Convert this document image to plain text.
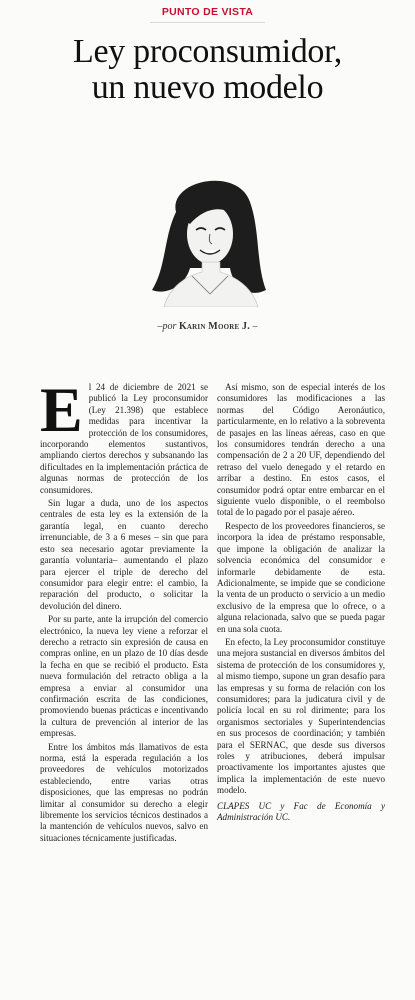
PUNTO DE VISTA
Ley proconsumidor,
un nuevo modelo
–por Karin Moore J. –

El 24 de diciembre de 2021 se publicó la Ley proconsumidor (Ley 21.398) que establece medidas para incentivar la protección de los consumidores, incorporando elementos sustantivos, ampliando ciertos derechos y subsanando las dificultades en la implementación práctica de algunas normas de protección de los consumidores.

Sin lugar a duda, uno de los aspectos centrales de esta ley es la extensión de la garantía legal, en cuanto derecho irrenunciable, de 3 a 6 meses – sin que para esto sea necesario agotar previamente la garantía voluntaria– aumentando el plazo para ejercer el triple de derecho del consumidor para elegir entre: el cambio, la reparación del producto, o solicitar la devolución del dinero.

Por su parte, ante la irrupción del comercio electrónico, la nueva ley viene a reforzar el derecho a retracto sin expresión de causa en compras online, en un plazo de 10 días desde la fecha en que se recibió el producto. Esta nueva formulación del retracto obliga a la empresa a enviar al consumidor una confirmación escrita de las condiciones, promoviendo buenas prácticas e incentivando la cultura de prevención al interior de las empresas.

Entre los ámbitos más llamativos de esta norma, está la esperada regulación a los proveedores de vehículos motorizados estableciendo, entre varias otras disposiciones, que las empresas no podrán limitar al consumidor su derecho a elegir libremente los servicios técnicos destinados a la mantención de vehículos nuevos, salvo en situaciones técnicamente justificadas.

Así mismo, son de especial interés de los consumidores las modificaciones a las normas del Código Aeronáutico, particularmente, en lo relativo a la sobreventa de pasajes en las líneas aéreas, caso en que los consumidores tendrán derecho a una compensación de 2 a 20 UF, dependiendo del retraso del vuelo denegado y el retardo en arribar a destino. En estos casos, el consumidor podrá optar entre embarcar en el siguiente vuelo disponible, o el reembolso total de lo pagado por el pasaje aéreo.

Respecto de los proveedores financieros, se incorpora la idea de préstamo responsable, que impone la obligación de analizar la solvencia económica del consumidor e informarle debidamente de esta. Adicionalmente, se impide que se condicione la venta de un producto o servicio a un medio exclusivo de la empresa que lo ofrece, o a alguna relacionada, salvo que se pueda pagar en una sola cuota.

En efecto, la Ley proconsumidor constituye una mejora sustancial en diversos ámbitos del sistema de protección de los consumidores y, al mismo tiempo, supone un gran desafío para las empresas y su forma de relación con los consumidores; para la judicatura civil y de policía local en su rol dirimente; para los organismos sectoriales y Superintendencias en sus procesos de coordinación; y también para el SERNAC, que desde sus diversos roles y atribuciones, deberá impulsar proactivamente los importantes ajustes que implica la implementación de este nuevo modelo.

CLAPES UC y Fac de Economía y Administración UC.
